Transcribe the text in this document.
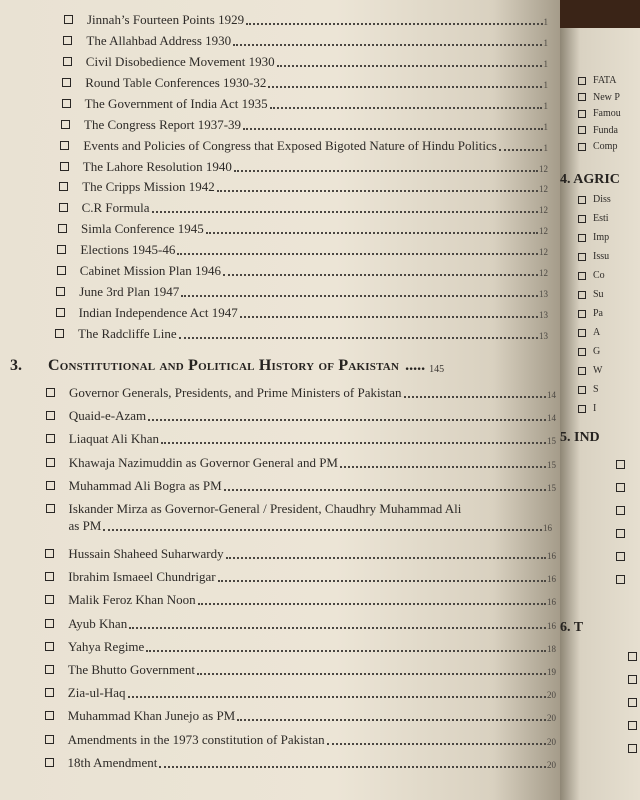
Jinnah’s Fourteen Points 1929	1
The Allahbad Address 1930	1
Civil Disobedience Movement 1930	1
Round Table Conferences 1930-32	1
The Government of India Act 1935	1
The Congress Report 1937-39	1
Events and Policies of Congress that Exposed Bigoted Nature of Hindu Politics	1
The Lahore Resolution 1940	12
The Cripps Mission 1942	12
C.R Formula	12
Simla Conference 1945	12
Elections 1945-46	12
Cabinet Mission Plan 1946	12
June 3rd Plan 1947	13
Indian Independence Act 1947	13
The Radcliffe Line	13
3.	Constitutional and Political History of Pakistan ..... 145
Governor Generals, Presidents, and Prime Ministers of Pakistan	14
Quaid-e-Azam	14
Liaquat Ali Khan	15
Khawaja Nazimuddin as Governor General and PM	15
Muhammad Ali Bogra as PM	15
Iskander Mirza as Governor-General / President, Chaudhry Muhammad Ali
as PM	16
Hussain Shaheed Suharwardy	16
Ibrahim Ismaeel Chundrigar	16
Malik Feroz Khan Noon	16
Ayub Khan	16
Yahya Regime	18
The Bhutto Government	19
Zia-ul-Haq	20
Muhammad Khan Junejo as PM	20
Amendments in the 1973 constitution of Pakistan	20
18th Amendment	20
FATA
New P
Famou
Funda
Comp
4. AGRIC
Diss
Esti
Imp
Issu
Co
Su
Pa
A
G
W
S
I
5. IND
6. T
